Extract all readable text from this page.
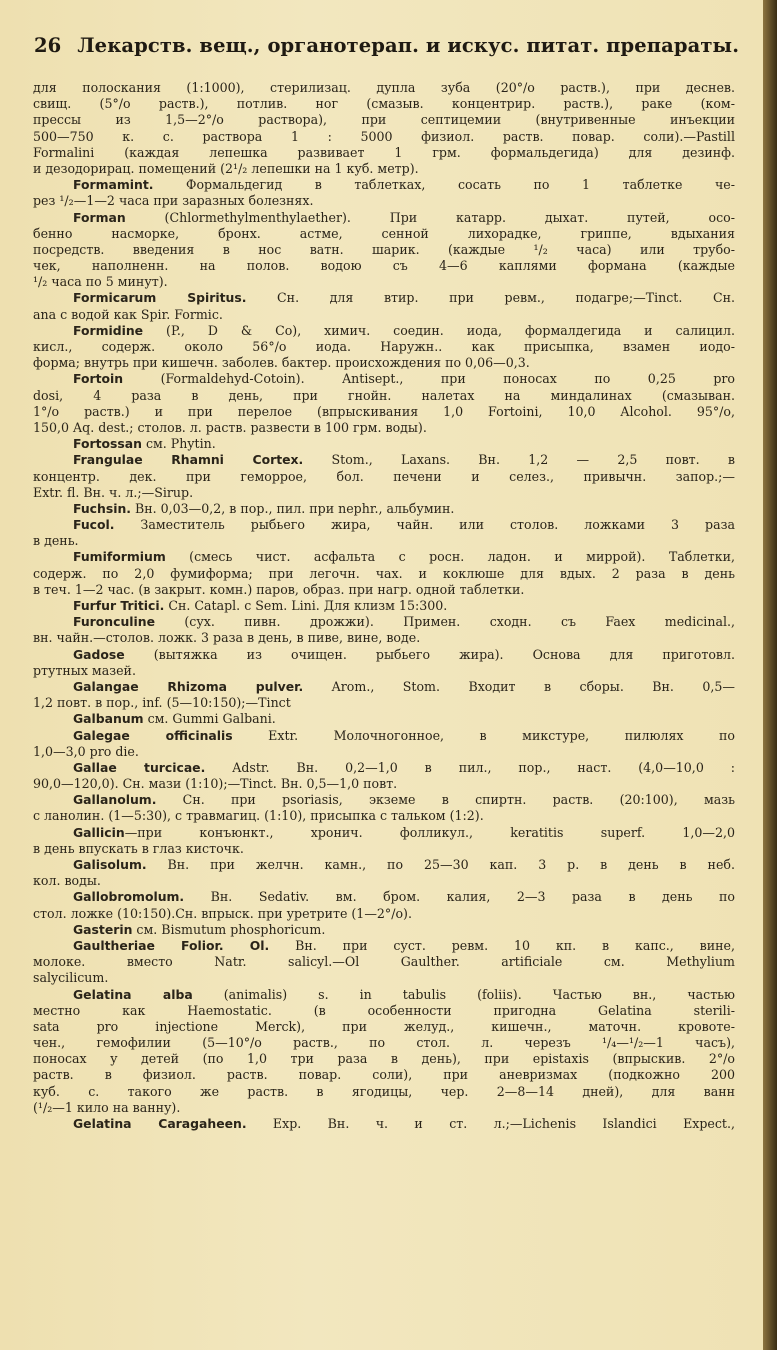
26 Лекарств. вещ., органотерап. и искус. питат. препараты.
для полоскания (1:1000), стерилизац. дупла зуба (20°/o раств.), при деснев.
свищ. (5°/o раств.), потлив. ног (смазыв. концентрир. раств.), раке (ком-
прессы из 1,5—2°/o раствора), при септицемии (внутривенные инъекции
500—750 к. с. раствора 1 : 5000 физиол. раств. повар. соли).—Pastill
Formalini (каждая лепешка развивает 1 грм. формальдегида) для дезинф.
и дезодорирац. помещений (2¹/₂ лепешки на 1 куб. метр).
Formamint. Формальдегид в таблетках, сосать по 1 таблетке че-
рез ¹/₂—1—2 часа при заразных болезнях.
Forman (Chlormethylmenthylaether). При катарр. дыхат. путей, осо-
бенно насморке, бронх. астме, сенной лихорадке, гриппе, вдыхания
посредств. введения в нос ватн. шарик. (каждые ¹/₂ часа) или трубо-
чек, наполненн. на полов. водою съ 4—6 каплями формана (каждые
¹/₂ часа по 5 минут).
Formicarum Spiritus. Сн. для втир. при ревм., подагре;—Tinct. Сн.
ana с водой как Spir. Formic.
Formidine (P., D & Co), химич. соедин. иода, формалдегида и салицил.
кисл., содерж. около 56°/o иода. Наружн.. как присыпка, взамен иодо-
форма; внутрь при кишечн. заболев. бактер. происхождения по 0,06—0,3.
Fortoin (Formaldehyd-Cotoin). Antisept., при поносах по 0,25 pro
dosi, 4 раза в день, при гнойн. налетах на миндалинах (смазыван.
1°/o раств.) и при перелое (впрыскивания 1,0 Fortoini, 10,0 Alcohol. 95°/o,
150,0 Aq. dest.; столов. л. раств. развести в 100 грм. воды).
Fortossan см. Phytin.
Frangulae Rhamni Cortex. Stom., Laxans. Вн. 1,2 — 2,5 повт. в
концентр. дек. при геморрое, бол. печени и селез., привычн. запор.;—
Extr. fl. Вн. ч. л.;—Sirup.
Fuchsin. Вн. 0,03—0,2, в пор., пил. при nephr., альбумин.
Fucol. Заместитель рыбьего жира, чайн. или столов. ложками 3 раза
в день.
Fumiformium (смесь чист. асфальта с росн. ладон. и миррой). Таблетки,
содерж. по 2,0 фумиформа; при легочн. чах. и коклюше для вдых. 2 раза в день
в теч. 1—2 час. (в закрыт. комн.) паров, образ. при нагр. одной таблетки.
Furfur Tritici. Сн. Catapl. с Sem. Lini. Для клизм 15:300.
Furonculine (сух. пивн. дрожжи). Примен. сходн. съ Faex medicinal.,
вн. чайн.—столов. ложк. 3 раза в день, в пиве, вине, воде.
Gadose (вытяжка из очищен. рыбьего жира). Основа для приготовл.
ртутных мазей.
Galangae Rhizoma pulver. Arom., Stom. Входит в сборы. Вн. 0,5—
1,2 повт. в пор., inf. (5—10:150);—Tinct
Galbanum см. Gummi Galbani.
Galegae officinalis Extr. Молочногонное, в микстуре, пилюлях по
1,0—3,0 pro die.
Gallae turcicae. Adstr. Вн. 0,2—1,0 в пил., пор., наст. (4,0—10,0 :
90,0—120,0). Сн. мази (1:10);—Tinct. Вн. 0,5—1,0 повт.
Gallanolum. Сн. при psoriasis, экземе в спиртн. раств. (20:100), мазь
с ланолин. (1—5:30), с травмагиц. (1:10), присыпка с тальком (1:2).
Gallicin—при конъюнкт., хронич. фолликул., keratitis superf. 1,0—2,0
в день впускать в глаз кисточк.
Galisolum. Вн. при желчн. камн., по 25—30 кап. 3 р. в день в неб.
кол. воды.
Gallobromolum. Вн. Sedativ. вм. бром. калия, 2—3 раза в день по
стол. ложке (10:150).Сн. впрыск. при уретрите (1—2°/o).
Gasterin см. Bismutum phosphoricum.
Gaultheriae Folior. Ol. Вн. при суст. ревм. 10 кп. в капс., вине,
молоке. вместо Natr. salicyl.—Ol Gaulther. artificiale см. Methylium
salycilicum.
Gelatina alba (animalis) s. in tabulis (foliis). Частью вн., частью
местно как Haemostatic. (в особенности пригодна Gelatina sterili-
sata pro injectione Merck), при желуд., кишечн., маточн. кровоте-
чен., гемофилии (5—10°/o раств., по стол. л. черезъ ¹/₄—¹/₂—1 часъ),
поносах у детей (по 1,0 три раза в день), при epistaxis (впрыскив. 2°/o
раств. в физиол. раств. повар. соли), при аневризмах (подкожно 200
куб. с. такого же раств. в ягодицы, чер. 2—8—14 дней), для ванн
(¹/₂—1 кило на ванну).
Gelatina Caragaheen. Exp. Вн. ч. и ст. л.;—Lichenis Islandici Expect.,
